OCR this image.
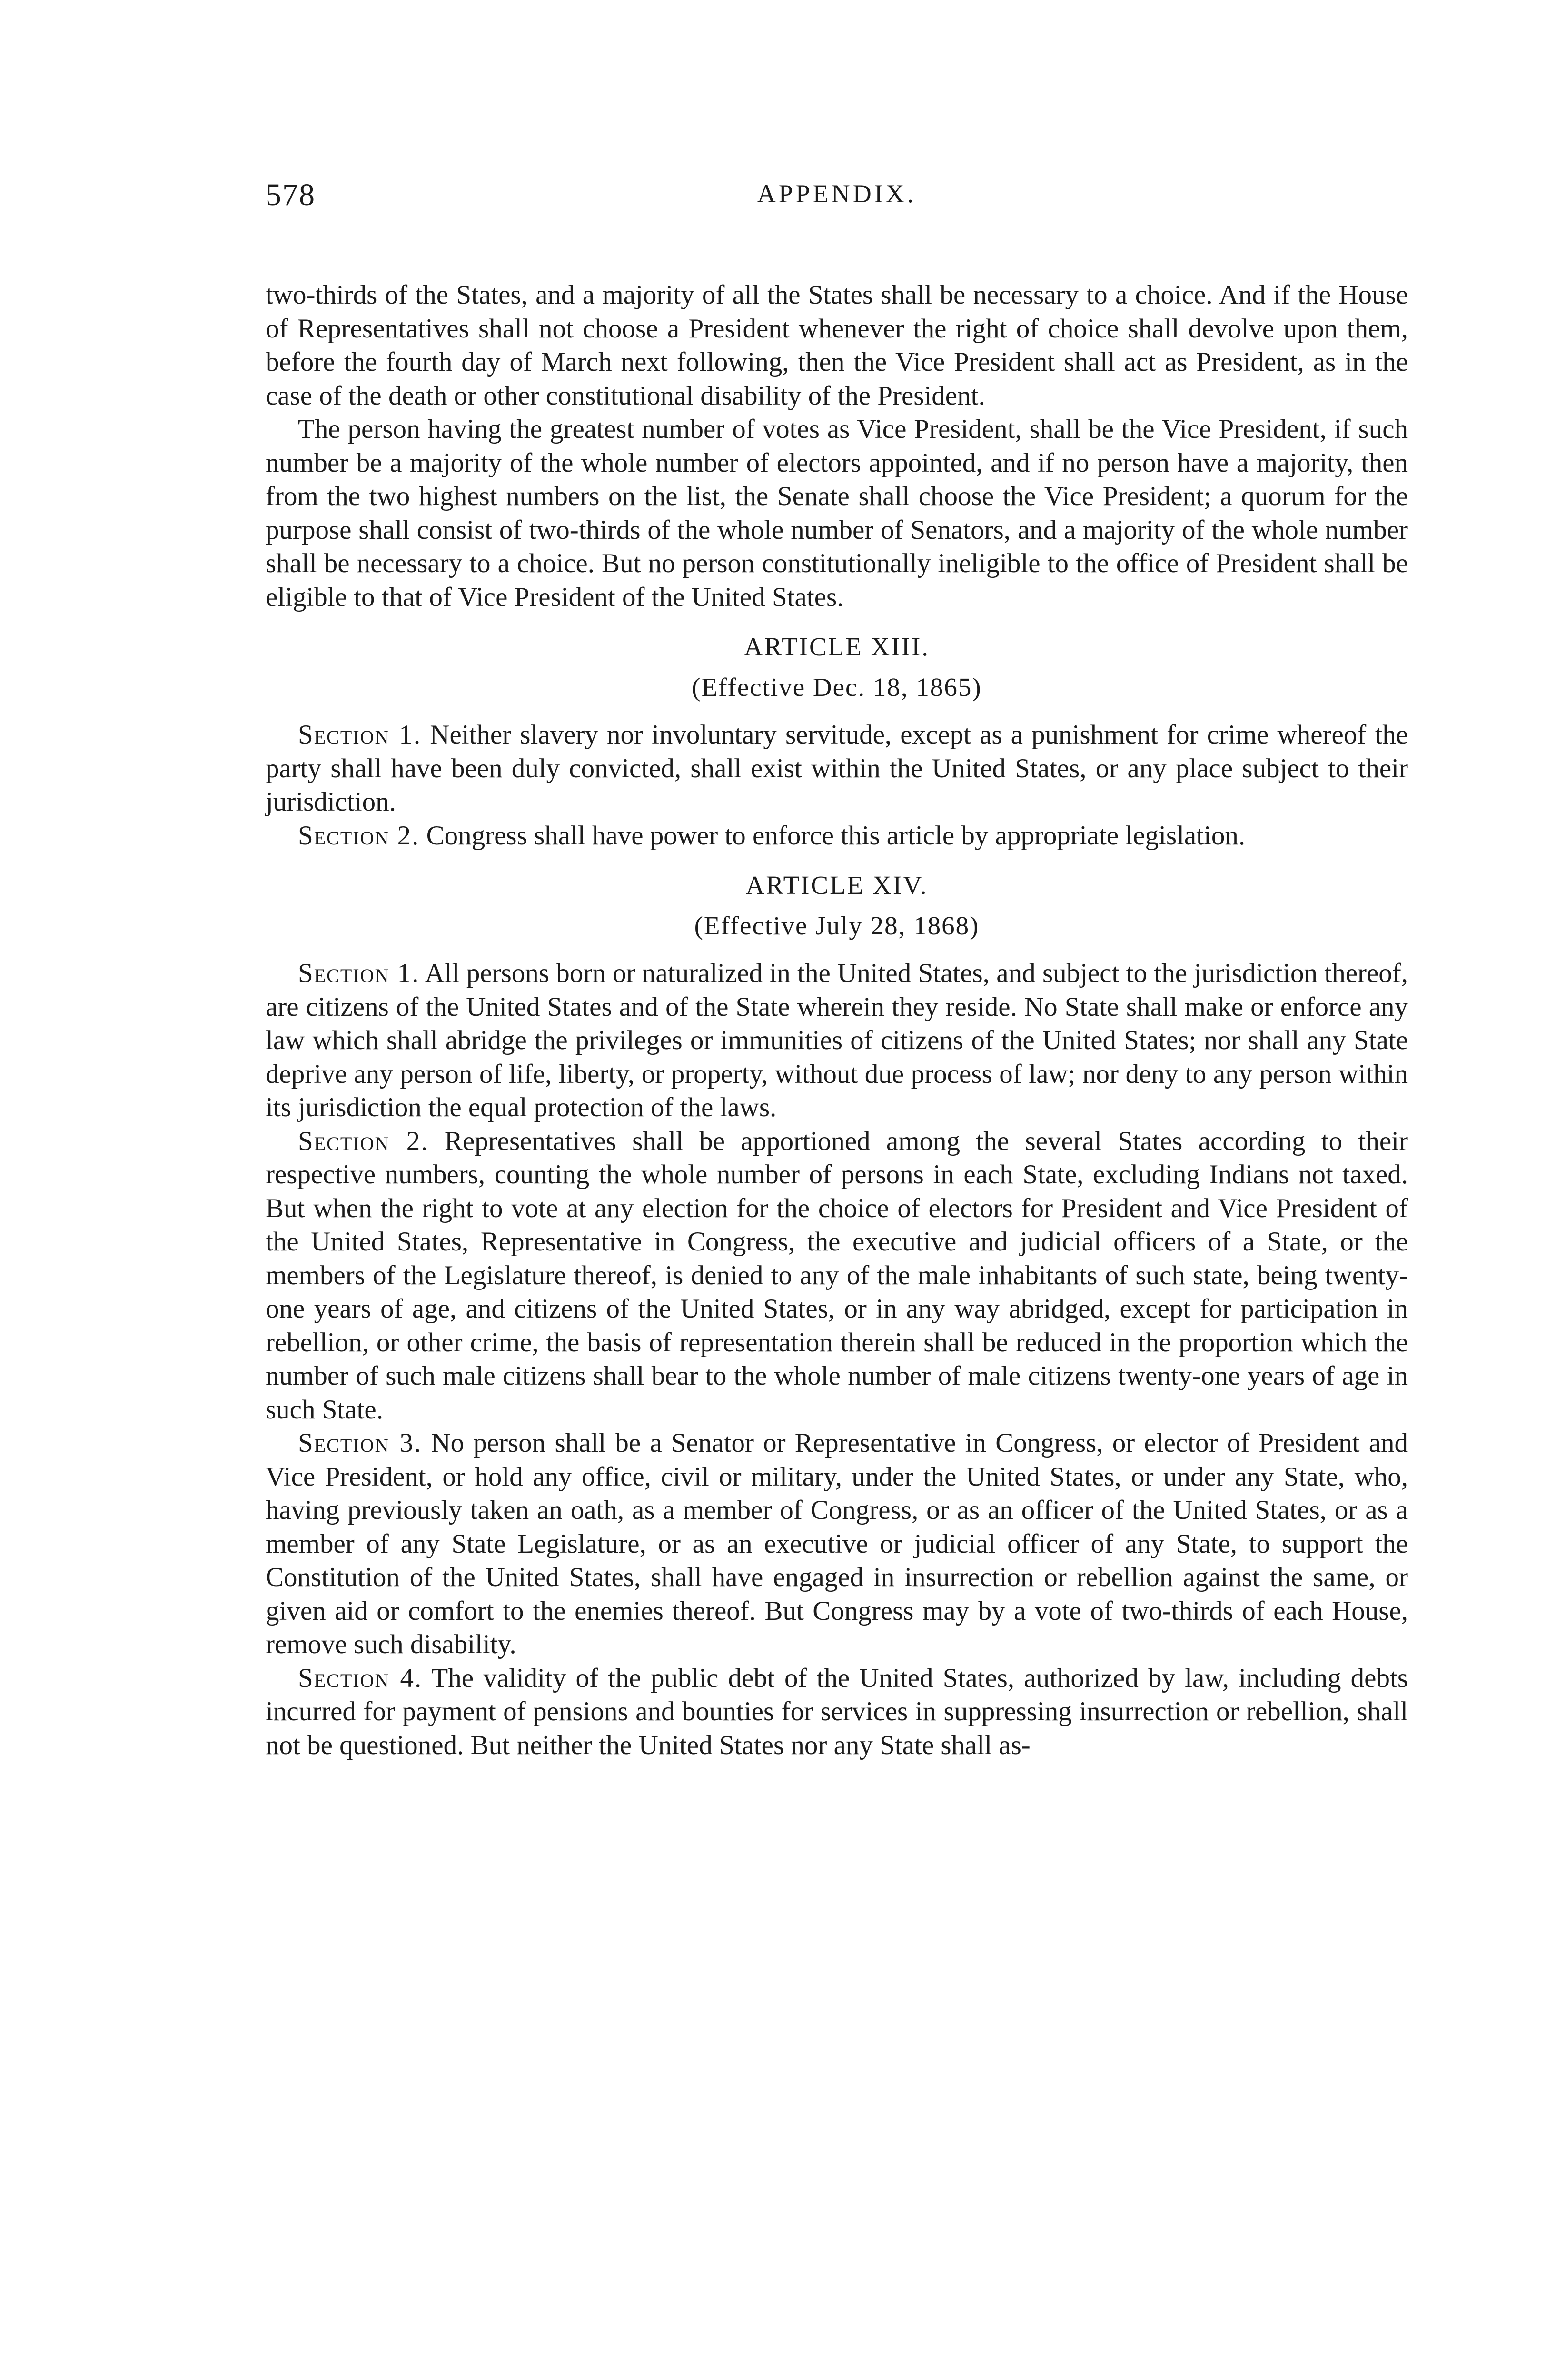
578	APPENDIX.

two-thirds of the States, and a majority of all the States shall be necessary to a choice. And if the House of Representatives shall not choose a President whenever the right of choice shall devolve upon them, before the fourth day of March next following, then the Vice President shall act as President, as in the case of the death or other constitutional disability of the President.

The person having the greatest number of votes as Vice President, shall be the Vice President, if such number be a majority of the whole number of electors appointed, and if no person have a majority, then from the two highest numbers on the list, the Senate shall choose the Vice President; a quorum for the purpose shall consist of two-thirds of the whole number of Senators, and a majority of the whole number shall be necessary to a choice. But no person constitutionally ineligible to the office of President shall be eligible to that of Vice President of the United States.

ARTICLE XIII.
(Effective Dec. 18, 1865)

Section 1. Neither slavery nor involuntary servitude, except as a punishment for crime whereof the party shall have been duly convicted, shall exist within the United States, or any place subject to their jurisdiction.

Section 2. Congress shall have power to enforce this article by appropriate legislation.

ARTICLE XIV.
(Effective July 28, 1868)

Section 1. All persons born or naturalized in the United States, and subject to the jurisdiction thereof, are citizens of the United States and of the State wherein they reside. No State shall make or enforce any law which shall abridge the privileges or immunities of citizens of the United States; nor shall any State deprive any person of life, liberty, or property, without due process of law; nor deny to any person within its jurisdiction the equal protection of the laws.

Section 2. Representatives shall be apportioned among the several States according to their respective numbers, counting the whole number of persons in each State, excluding Indians not taxed. But when the right to vote at any election for the choice of electors for President and Vice President of the United States, Representative in Congress, the executive and judicial officers of a State, or the members of the Legislature thereof, is denied to any of the male inhabitants of such state, being twenty-one years of age, and citizens of the United States, or in any way abridged, except for participation in rebellion, or other crime, the basis of representation therein shall be reduced in the proportion which the number of such male citizens shall bear to the whole number of male citizens twenty-one years of age in such State.

Section 3. No person shall be a Senator or Representative in Congress, or elector of President and Vice President, or hold any office, civil or military, under the United States, or under any State, who, having previously taken an oath, as a member of Congress, or as an officer of the United States, or as a member of any State Legislature, or as an executive or judicial officer of any State, to support the Constitution of the United States, shall have engaged in insurrection or rebellion against the same, or given aid or comfort to the enemies thereof. But Congress may by a vote of two-thirds of each House, remove such disability.

Section 4. The validity of the public debt of the United States, authorized by law, including debts incurred for payment of pensions and bounties for services in suppressing insurrection or rebellion, shall not be questioned. But neither the United States nor any State shall as-
